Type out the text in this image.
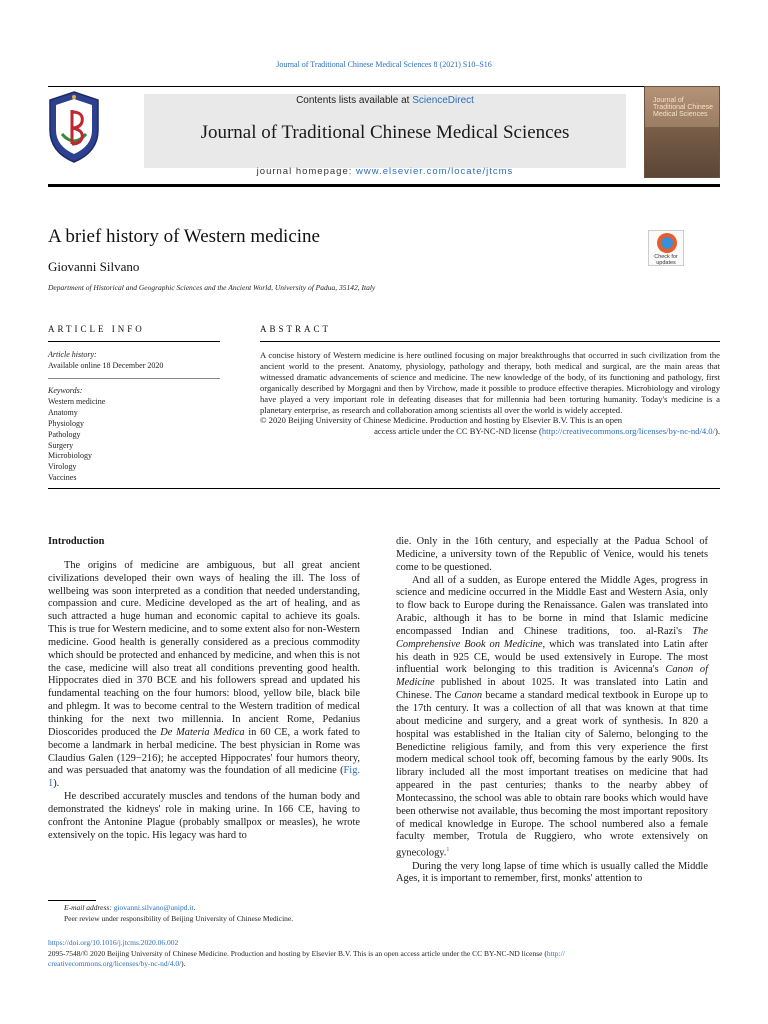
Journal of Traditional Chinese Medical Sciences 8 (2021) S10–S16
Contents lists available at ScienceDirect
Journal of Traditional Chinese Medical Sciences
journal homepage: www.elsevier.com/locate/jtcms
Journal of Traditional Chinese Medical Sciences
A brief history of Western medicine
Giovanni Silvano
Department of Historical and Geographic Sciences and the Ancient World, University of Padua, 35142, Italy
Check for updates
ARTICLE INFO	ABSTRACT
Article history:
Available online 18 December 2020
Keywords:
Western medicine
Anatomy
Physiology
Pathology
Surgery
Microbiology
Virology
Vaccines
A concise history of Western medicine is here outlined focusing on major breakthroughs that occurred in such civilization from the ancient world to the present. Anatomy, physiology, pathology and therapy, both medical and surgical, are the main areas that witnessed dramatic advancements of science and medicine. The new knowledge of the body, of its functioning and pathology, first organically described by Morgagni and then by Virchow, made it possible to produce effective therapies. Microbiology and virology have played a very important role in defeating diseases that for millennia had been torturing humanity. Today's medicine is a planetary enterprise, as research and collaboration among scientists all over the world is widely accepted.
© 2020 Beijing University of Chinese Medicine. Production and hosting by Elsevier B.V. This is an open
access article under the CC BY-NC-ND license (http://creativecommons.org/licenses/by-nc-nd/4.0/).

Introduction

The origins of medicine are ambiguous, but all great ancient civilizations developed their own ways of healing the ill. The loss of wellbeing was soon interpreted as a condition that needed understanding, compassion and cure. Medicine developed as the art of healing, and as such attracted a huge human and economic capital to achieve its goals. This is true for Western medicine, and to some extent also for non-Western medicine. Good health is generally considered as a precious commodity which should be protected and enhanced by medicine, and when this is not the case, medicine will also treat all conditions preventing good health. Hippocrates died in 370 BCE and his followers spread and updated his fundamental teaching on the four humors: blood, yellow bile, black bile and phlegm. It was to become central to the Western tradition of medical thinking for the next two millennia. In ancient Rome, Pedanius Dioscorides produced the De Materia Medica in 60 CE, a work fated to become a landmark in herbal medicine. The best physician in Rome was Claudius Galen (129−216); he accepted Hippocrates' four humors theory, and was persuaded that anatomy was the foundation of all medicine (Fig. 1).

He described accurately muscles and tendons of the human body and demonstrated the kidneys' role in making urine. In 166 CE, having to confront the Antonine Plague (probably smallpox or measles), he wrote extensively on the topic. His legacy was hard to

die. Only in the 16th century, and especially at the Padua School of Medicine, a university town of the Republic of Venice, would his tenets come to be questioned.

And all of a sudden, as Europe entered the Middle Ages, progress in science and medicine occurred in the Middle East and Western Asia, only to flow back to Europe during the Renaissance. Galen was translated into Arabic, although it has to be borne in mind that Islamic medicine encompassed Indian and Chinese traditions, too. al-Razi's The Comprehensive Book on Medicine, which was translated into Latin after his death in 925 CE, would be used extensively in Europe. The most influential work belonging to this tradition is Avicenna's Canon of Medicine published in about 1025. It was translated into Latin and Chinese. The Canon became a standard medical textbook in Europe up to the 17th century. It was a collection of all that was known at that time about medicine and surgery, and a great work of synthesis. In 820 a hospital was established in the Italian city of Salerno, belonging to the Benedictine religious family, and from this very experience the first modern medical school took off, becoming famous by the early 900s. Its library included all the most important treatises on medicine that had appeared in the past centuries; thanks to the nearby abbey of Montecassino, the school was able to obtain rare books which would have been otherwise not available, thus becoming the most important repository of medical knowledge in Europe. The school numbered also a female faculty member, Trotula de Ruggiero, who wrote extensively on gynecology.$^1$

During the very long lapse of time which is usually called the Middle Ages, it is important to remember, first, monks' attention to

E-mail address: giovanni.silvano@unipd.it.
Peer review under responsibility of Beijing University of Chinese Medicine.
https://doi.org/10.1016/j.jtcms.2020.06.002
2095-7548/© 2020 Beijing University of Chinese Medicine. Production and hosting by Elsevier B.V. This is an open access article under the CC BY-NC-ND license (http://
creativecommons.org/licenses/by-nc-nd/4.0/).
